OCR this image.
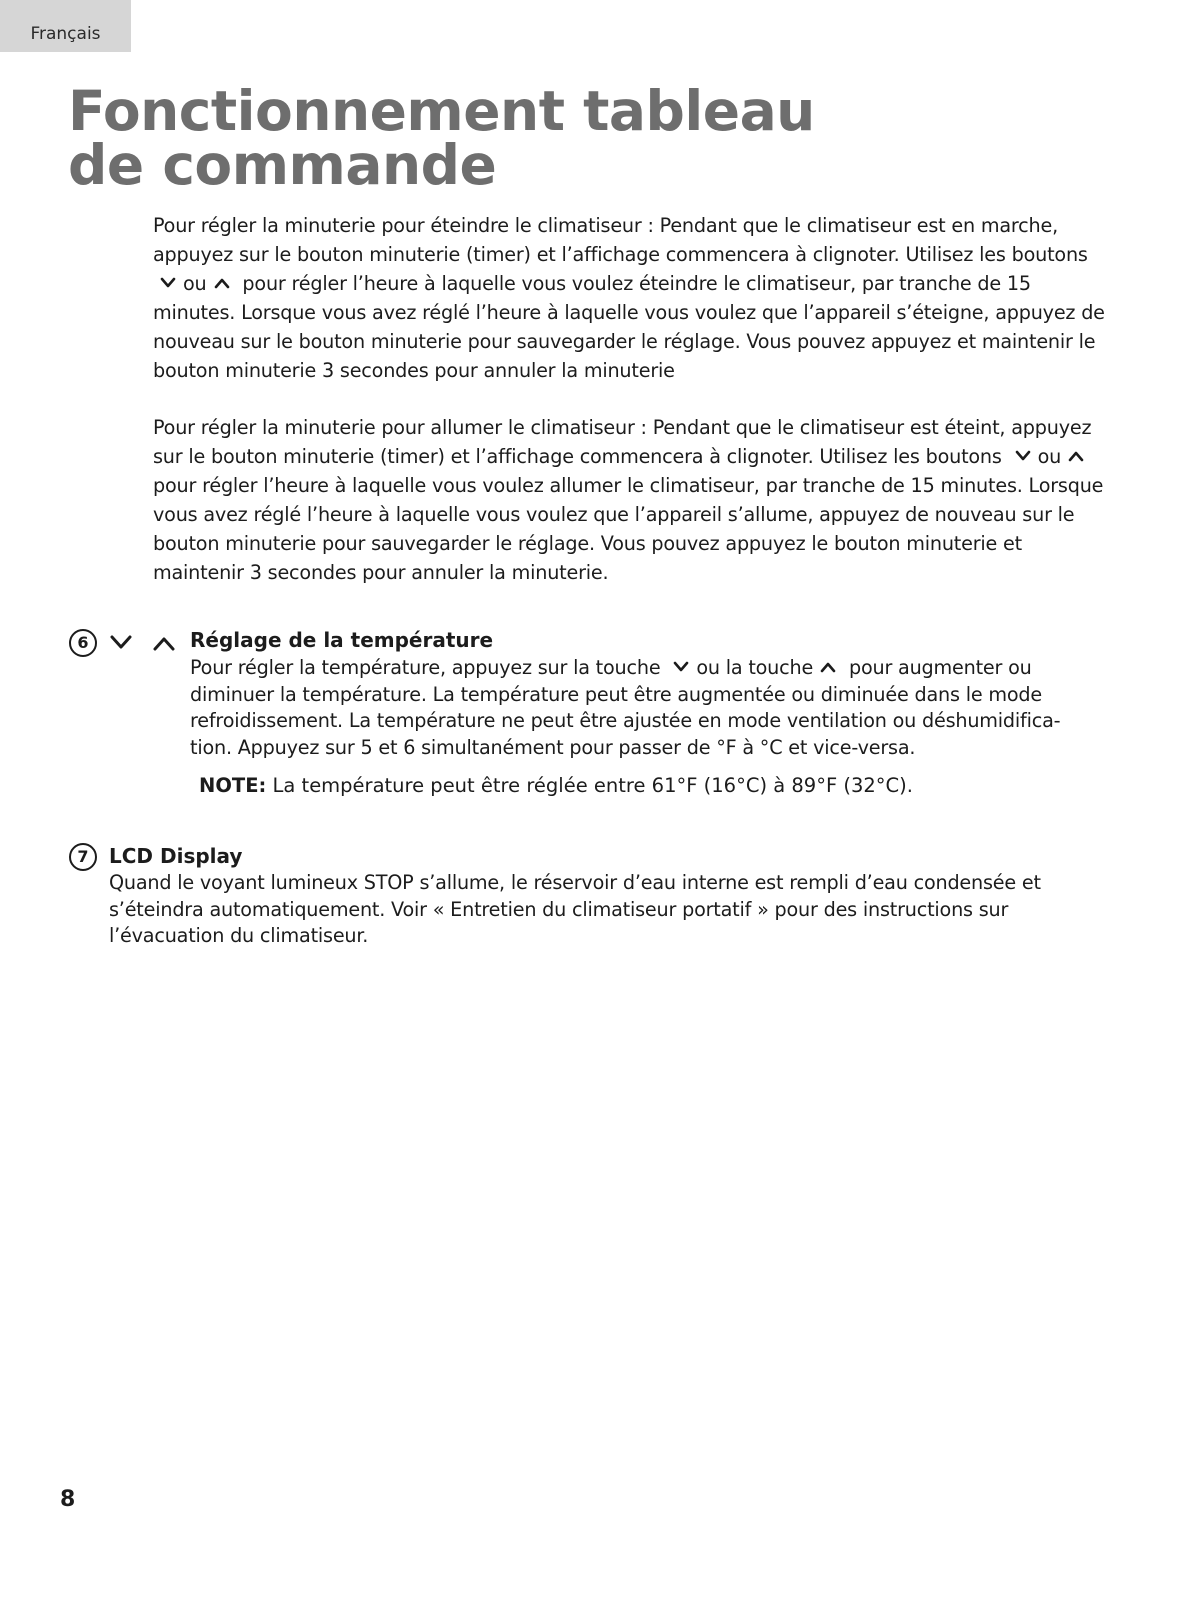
Français
Fonctionnement tableau
de commande

Pour régler la minuterie pour éteindre le climatiseur : Pendant que le climatiseur est en marche, appuyez sur le bouton minuterie (timer) et l’affichage commencera à clignoter. Utilisez les boutons ou pour régler l’heure à laquelle vous voulez éteindre le climatiseur, par tranche de 15 minutes. Lorsque vous avez réglé l’heure à laquelle vous voulez que l’appareil s’éteigne, appuyez de nouveau sur le bouton minuterie pour sauvegarder le réglage. Vous pouvez appuyez et maintenir le bouton minuterie 3 secondes pour annuler la minuterie

Pour régler la minuterie pour allumer le climatiseur : Pendant que le climatiseur est éteint, appuyez sur le bouton minuterie (timer) et l’affichage commencera à clignoter. Utilisez les boutons ou pour régler l’heure à laquelle vous voulez allumer le climatiseur, par tranche de 15 minutes. Lorsque vous avez réglé l’heure à laquelle vous voulez que l’appareil s’allume, appuyez de nouveau sur le bouton minuterie pour sauvegarder le réglage. Vous pouvez appuyez le bouton minuterie et maintenir 3 secondes pour annuler la minuterie.

6	Réglage de la température

Pour régler la température, appuyez sur la touche ou la touche pour augmenter ou diminuer la température. La température peut être augmentée ou diminuée dans le mode refroidissement. La température ne peut être ajustée en mode ventilation ou déshumidifica-tion. Appuyez sur 5 et 6 simultanément pour passer de °F à °C et vice-versa.

NOTE: La température peut être réglée entre 61°F (16°C) à 89°F (32°C).

7	LCD Display

Quand le voyant lumineux STOP s’allume, le réservoir d’eau interne est rempli d’eau condensée et s’éteindra automatiquement. Voir « Entretien du climatiseur portatif » pour des instructions sur l’évacuation du climatiseur.

8
